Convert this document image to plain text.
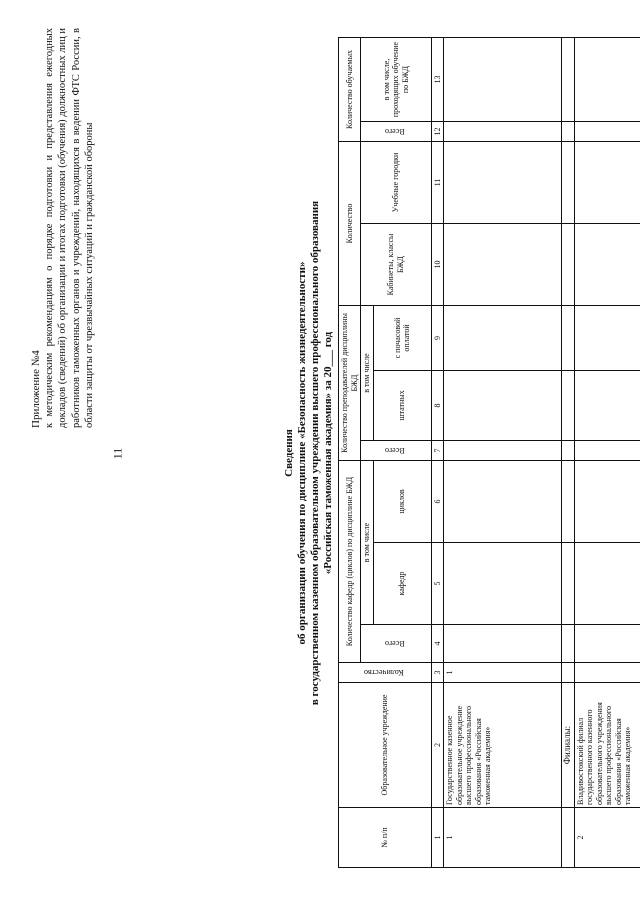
11
Приложение №4 к методическим рекомендациям о порядке подготовки и представления ежегодных докладов (сведений) об организации и итогах подготовки (обучения) должностных лиц и работников таможенных органов и учреждений, находящихся в ведении ФТС России, в области защиты от чрезвычайных ситуаций и гражданской обороны
Сведения об организации обучения по дисциплине «Безопасность жизнедеятельности» в государственном казенном образовательном учреждении высшего профессионального образования «Российская таможенная академия» за 20___ год
№ п/п	Образовательное учреждение	Количество	Количество кафедр (циклов) по дисциплине БЖД			Количество преподавателей дисциплины БЖД			Количество		Количество обучаемых	
			Всего	в том числе		Всего	в том числе		Кабинеты, классы БЖД	Учебные городки	Всего	в том числе, проходящих обучение по БЖД
				кафедр	циклов		штатных	с почасовой оплатой				
1	2	3	4	5	6	7	8	9	10	11	12	13
1	Государственное казенное образовательное учреждение высшего профессионального образования «Российская таможенная академия»	1										
	Филиалы:											
2	Владивостокский филиал государственного казенного образовательного учреждения высшего профессионального образования «Российская таможенная академия»											
